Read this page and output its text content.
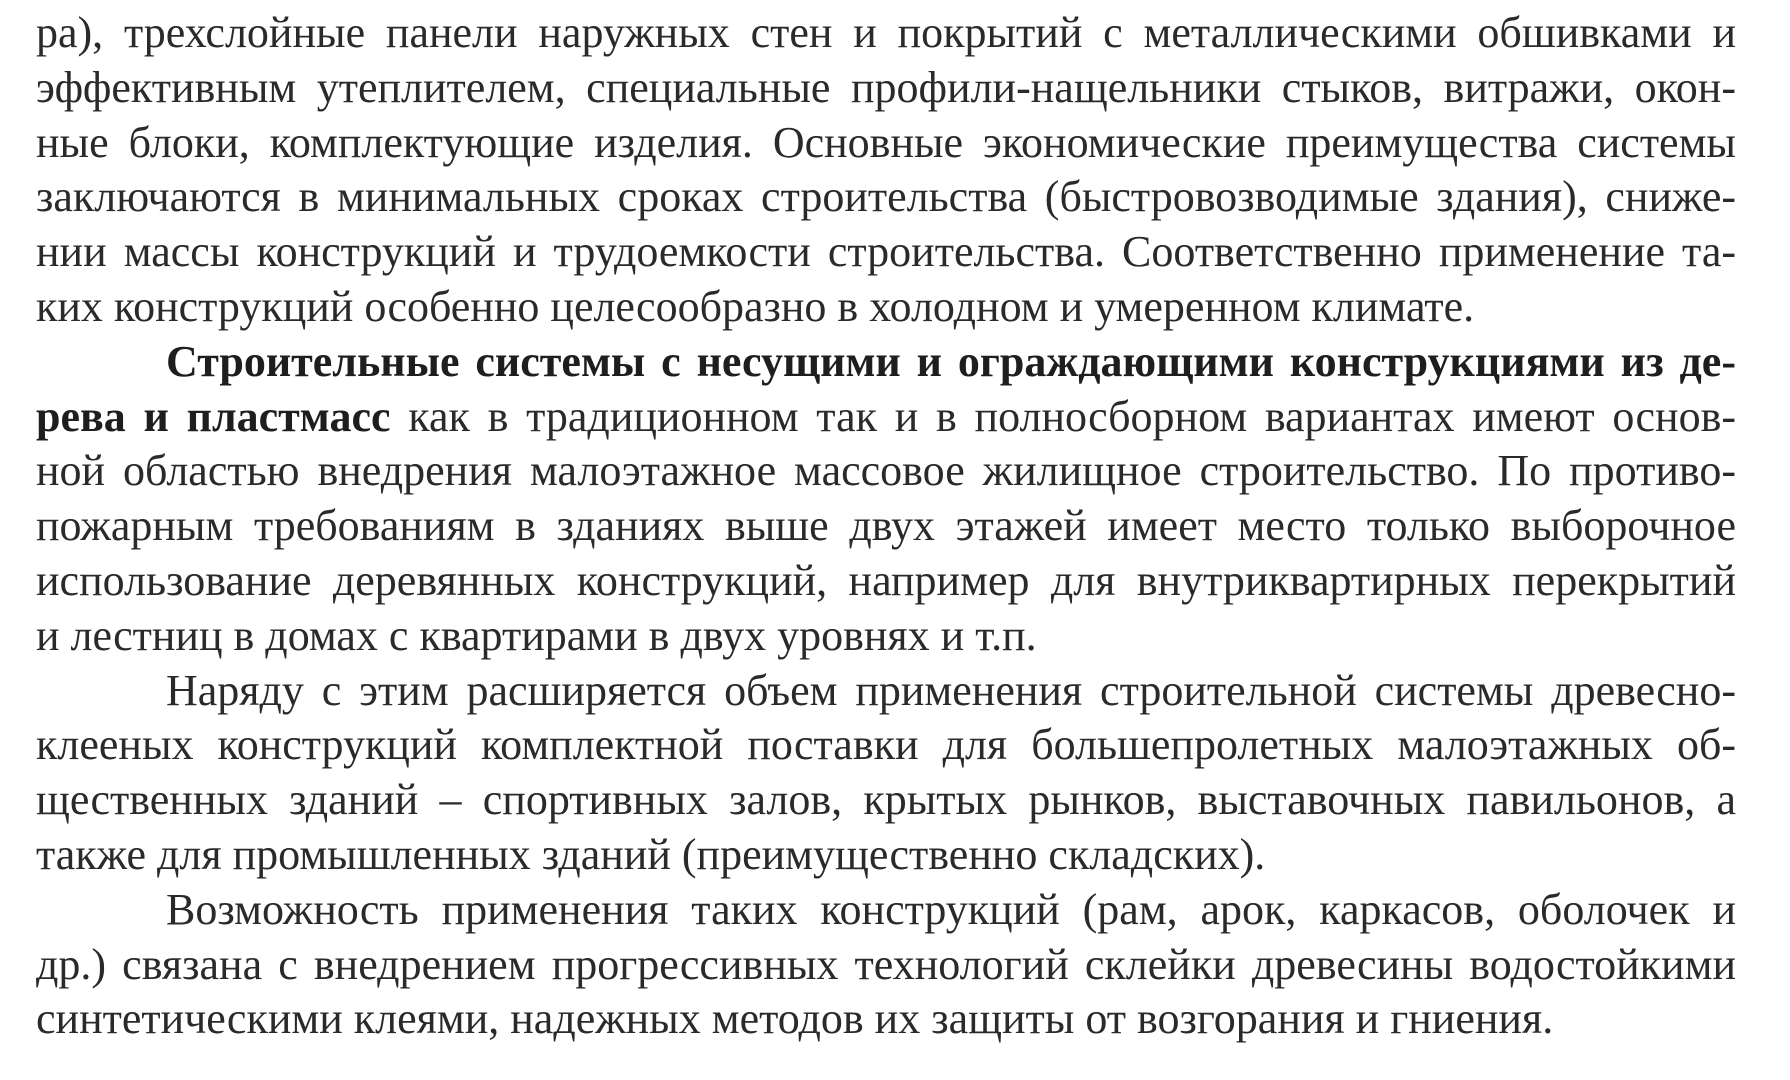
ра), трехслойные панели наружных стен и покрытий с металлическими обшивками и
эффективным утеплителем, специальные профили-нащельники стыков, витражи, окон-
ные блоки, комплектующие изделия. Основные экономические преимущества системы
заключаются в минимальных сроках строительства (быстровозводимые здания), сниже-
нии массы конструкций и трудоемкости строительства. Соответственно применение та-
ких конструкций особенно целесообразно в холодном и умеренном климате.
Строительные системы с несущими и ограждающими конструкциями из де-
рева и пластмасс как в традиционном так и в полносборном вариантах имеют основ-
ной областью внедрения малоэтажное массовое жилищное строительство. По противо-
пожарным требованиям в зданиях выше двух этажей имеет место только выборочное
использование деревянных конструкций, например для внутриквартирных перекрытий
и лестниц в домах с квартирами в двух уровнях и т.п.
Наряду с этим расширяется объем применения строительной системы древесно-
клееных конструкций комплектной поставки для большепролетных малоэтажных об-
щественных зданий – спортивных залов, крытых рынков, выставочных павильонов, а
также для промышленных зданий (преимущественно складских).
Возможность применения таких конструкций (рам, арок, каркасов, оболочек и
др.) связана с внедрением прогрессивных технологий склейки древесины водостойкими
синтетическими клеями, надежных методов их защиты от возгорания и гниения.
